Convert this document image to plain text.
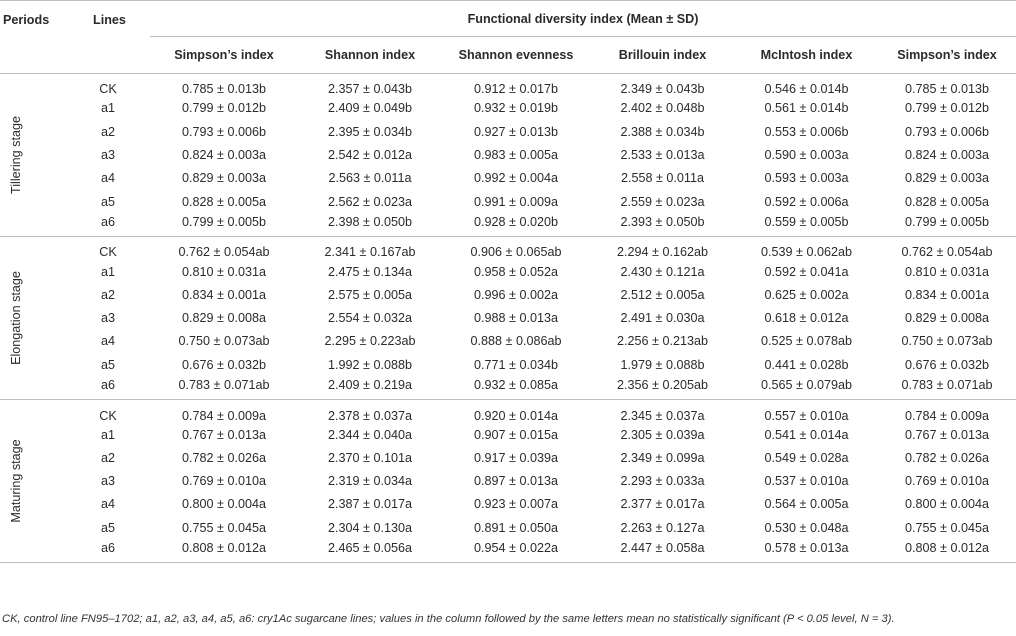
Periods	Lines	Functional diversity index (Mean ± SD)					
		Simpson’s index	Shannon index	Shannon evenness	Brillouin index	McIntosh index	Simpson’s index

Tillering stage	CK	0.785 ± 0.013b	2.357 ± 0.043b	0.912 ± 0.017b	2.349 ± 0.043b	0.546 ± 0.014b	0.785 ± 0.013b
	a1	0.799 ± 0.012b	2.409 ± 0.049b	0.932 ± 0.019b	2.402 ± 0.048b	0.561 ± 0.014b	0.799 ± 0.012b
	a2	0.793 ± 0.006b	2.395 ± 0.034b	0.927 ± 0.013b	2.388 ± 0.034b	0.553 ± 0.006b	0.793 ± 0.006b
	a3	0.824 ± 0.003a	2.542 ± 0.012a	0.983 ± 0.005a	2.533 ± 0.013a	0.590 ± 0.003a	0.824 ± 0.003a
	a4	0.829 ± 0.003a	2.563 ± 0.011a	0.992 ± 0.004a	2.558 ± 0.011a	0.593 ± 0.003a	0.829 ± 0.003a
	a5	0.828 ± 0.005a	2.562 ± 0.023a	0.991 ± 0.009a	2.559 ± 0.023a	0.592 ± 0.006a	0.828 ± 0.005a
	a6	0.799 ± 0.005b	2.398 ± 0.050b	0.928 ± 0.020b	2.393 ± 0.050b	0.559 ± 0.005b	0.799 ± 0.005b

Elongation stage	CK	0.762 ± 0.054ab	2.341 ± 0.167ab	0.906 ± 0.065ab	2.294 ± 0.162ab	0.539 ± 0.062ab	0.762 ± 0.054ab
	a1	0.810 ± 0.031a	2.475 ± 0.134a	0.958 ± 0.052a	2.430 ± 0.121a	0.592 ± 0.041a	0.810 ± 0.031a
	a2	0.834 ± 0.001a	2.575 ± 0.005a	0.996 ± 0.002a	2.512 ± 0.005a	0.625 ± 0.002a	0.834 ± 0.001a
	a3	0.829 ± 0.008a	2.554 ± 0.032a	0.988 ± 0.013a	2.491 ± 0.030a	0.618 ± 0.012a	0.829 ± 0.008a
	a4	0.750 ± 0.073ab	2.295 ± 0.223ab	0.888 ± 0.086ab	2.256 ± 0.213ab	0.525 ± 0.078ab	0.750 ± 0.073ab
	a5	0.676 ± 0.032b	1.992 ± 0.088b	0.771 ± 0.034b	1.979 ± 0.088b	0.441 ± 0.028b	0.676 ± 0.032b
	a6	0.783 ± 0.071ab	2.409 ± 0.219a	0.932 ± 0.085a	2.356 ± 0.205ab	0.565 ± 0.079ab	0.783 ± 0.071ab

Maturing stage	CK	0.784 ± 0.009a	2.378 ± 0.037a	0.920 ± 0.014a	2.345 ± 0.037a	0.557 ± 0.010a	0.784 ± 0.009a
	a1	0.767 ± 0.013a	2.344 ± 0.040a	0.907 ± 0.015a	2.305 ± 0.039a	0.541 ± 0.014a	0.767 ± 0.013a
	a2	0.782 ± 0.026a	2.370 ± 0.101a	0.917 ± 0.039a	2.349 ± 0.099a	0.549 ± 0.028a	0.782 ± 0.026a
	a3	0.769 ± 0.010a	2.319 ± 0.034a	0.897 ± 0.013a	2.293 ± 0.033a	0.537 ± 0.010a	0.769 ± 0.010a
	a4	0.800 ± 0.004a	2.387 ± 0.017a	0.923 ± 0.007a	2.377 ± 0.017a	0.564 ± 0.005a	0.800 ± 0.004a
	a5	0.755 ± 0.045a	2.304 ± 0.130a	0.891 ± 0.050a	2.263 ± 0.127a	0.530 ± 0.048a	0.755 ± 0.045a
	a6	0.808 ± 0.012a	2.465 ± 0.056a	0.954 ± 0.022a	2.447 ± 0.058a	0.578 ± 0.013a	0.808 ± 0.012a
CK, control line FN95–1702; a1, a2, a3, a4, a5, a6: cry1Ac sugarcane lines; values in the column followed by the same letters mean no statistically significant (P < 0.05 level, N = 3).
